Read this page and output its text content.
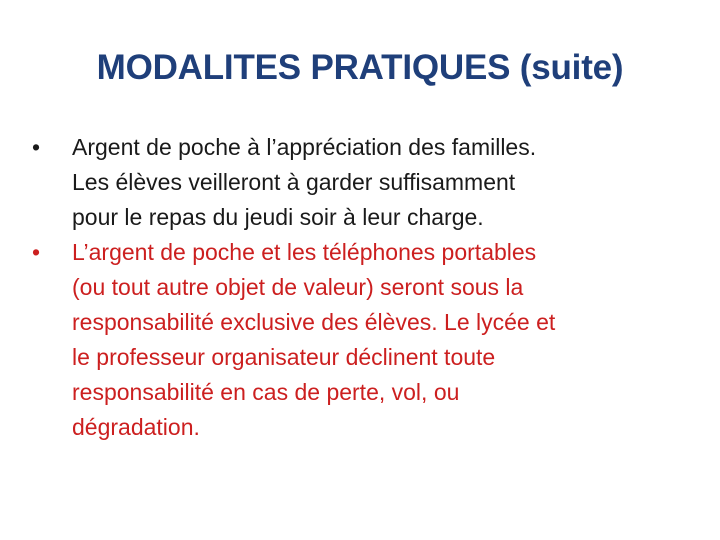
MODALITES PRATIQUES (suite)
•	Argent de poche à l’appréciation des familles.
Les élèves veilleront à garder suffisamment
pour le repas du jeudi soir à leur charge.
•	L’argent de poche et les téléphones portables
(ou tout autre objet de valeur) seront sous la
responsabilité exclusive des élèves. Le lycée et
le professeur organisateur déclinent toute
responsabilité en cas de perte, vol, ou
dégradation.
